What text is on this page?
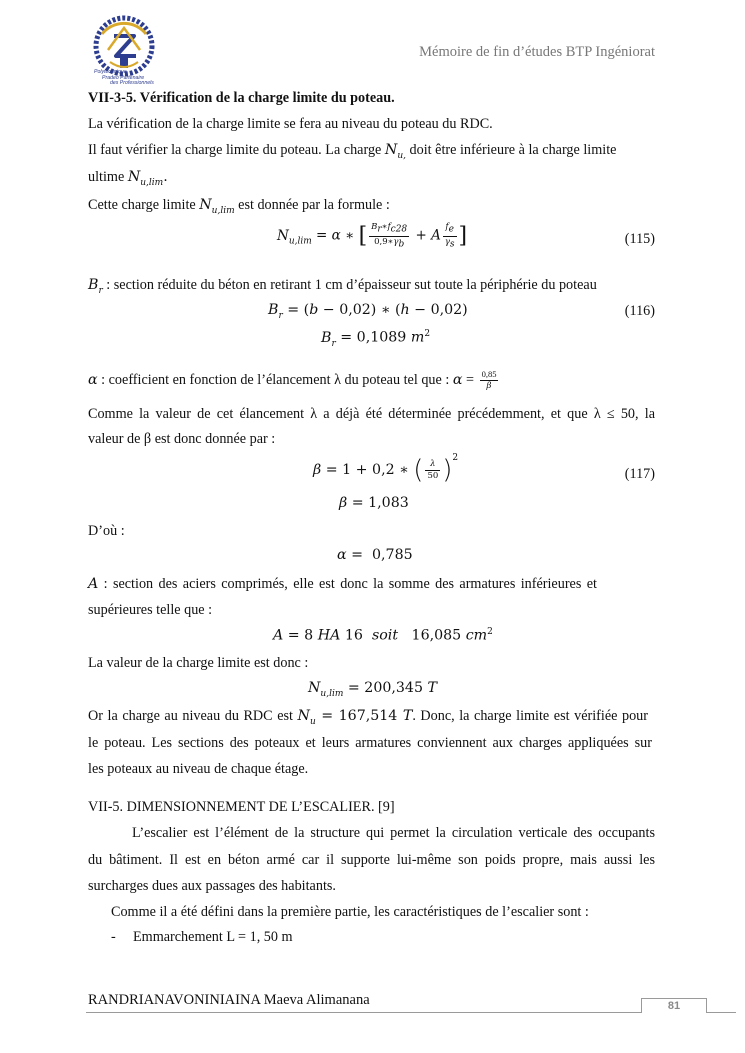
Polytechnique
Pradeo Partenaire
des Professionnels
Mémoire de fin d’études BTP Ingéniorat
VII-3-5. Vérification de la charge limite du poteau.
La vérification de la charge limite se fera au niveau du poteau du RDC.
Il faut vérifier la charge limite du poteau. La charge $N_{u,}$ doit être inférieure à la charge limite
ultime $N_{u,lim}$.
Cette charge limite $N_{u,lim}$ est donnée par la formule :
$N_{u,lim} = \alpha$ ∗ [ $\frac{B_r∗f_{c28}}{0,9∗\gamma_b} + A \frac{f_e}{\gamma_s}$ ]	(115)
$B_r$ : section réduite du béton en retirant 1 cm d’épaisseur sut toute la périphérie du poteau
$B_r = (b - 0,02)$ ∗ (h − 0,02)	(116)
$B_r = 0,1089$ $m^2$
α : coefficient en fonction de l’élancement λ du poteau tel que : $\alpha = \frac{0,85}{\beta}$
Comme la valeur de cet élancement λ a déjà été déterminée précédemment, et que λ ≤ 50, la
valeur de β est donc donnée par :
β = 1 + 0,2 ∗ ( $\frac{\lambda}{50} )^2$
(117)
β = 1,083
D’où :
α =  0,785
A : section des aciers comprimés, elle est donc la somme des armatures inférieures et
supérieures telle que :
A = 8 HA 16 soit 16,085 $cm^2$
La valeur de la charge limite est donc :
$N_{u,lim} = 200,345$ T
Or la charge au niveau du RDC est $N_u = 167,514$ T. Donc, la charge limite est vérifiée pour
le poteau. Les sections des poteaux et leurs armatures conviennent aux charges appliquées sur
les poteaux au niveau de chaque étage.
VII-5. DIMENSIONNEMENT DE L’ESCALIER. [9]
L’escalier est l’élément de la structure qui permet la circulation verticale des occupants
du bâtiment. Il est en béton armé car il supporte lui-même son poids propre, mais aussi les
surcharges dues aux passages des habitants.
Comme il a été défini dans la première partie, les caractéristiques de l’escalier sont :
- Emmarchement L = 1, 50 m
RANDRIANAVONINIAINA Maeva Alimanana	81
